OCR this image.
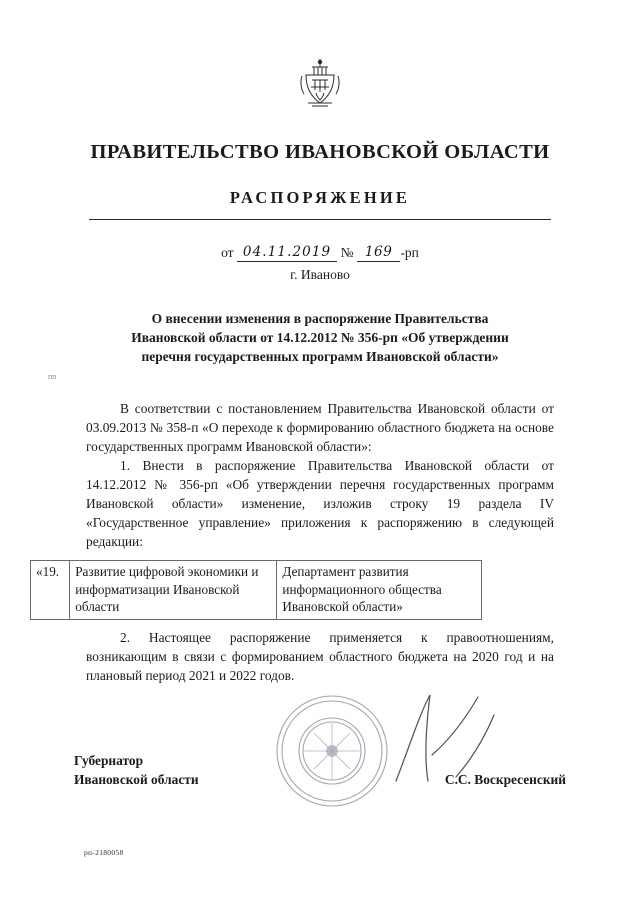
ПРАВИТЕЛЬСТВО ИВАНОВСКОЙ ОБЛАСТИ
РАСПОРЯЖЕНИЕ
от 04.11.2019 № 169 -рп
г. Иваново
О внесении изменения в распоряжение Правительства Ивановской области от 14.12.2012 № 356-рп «Об утверждении перечня государственных программ Ивановской области»
пп

В соответствии с постановлением Правительства Ивановской области от 03.09.2013 № 358-п «О переходе к формированию областного бюджета на основе государственных программ Ивановской области»:

1. Внести в распоряжение Правительства Ивановской области от 14.12.2012 № 356-рп «Об утверждении перечня государственных программ Ивановской области» изменение, изложив строку 19 раздела IV «Государственное управление» приложения к распоряжению в следующей редакции:

«19.	Развитие цифровой экономики и информатизации Ивановской области	Департамент развития информационного общества Ивановской области»

2. Настоящее распоряжение применяется к правоотношениям, возникающим в связи с формированием областного бюджета на 2020 год и на плановый период 2021 и 2022 годов.

Губернатор
Ивановской области	С.С. Воскресенский
рп-2180058
